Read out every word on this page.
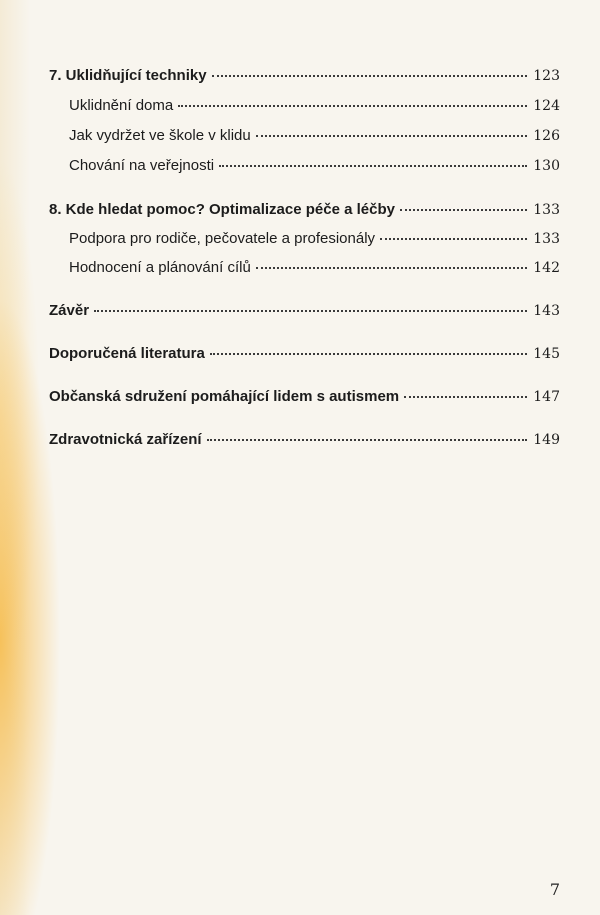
7. Uklidňující techniky	123
Uklidnění doma	124
Jak vydržet ve škole v klidu	126
Chování na veřejnosti	130
8. Kde hledat pomoc? Optimalizace péče a léčby	133
Podpora pro rodiče, pečovatele a profesionály	133
Hodnocení a plánování cílů	142
Závěr	143
Doporučená literatura	145
Občanská sdružení pomáhající lidem s autismem	147
Zdravotnická zařízení	149
7
